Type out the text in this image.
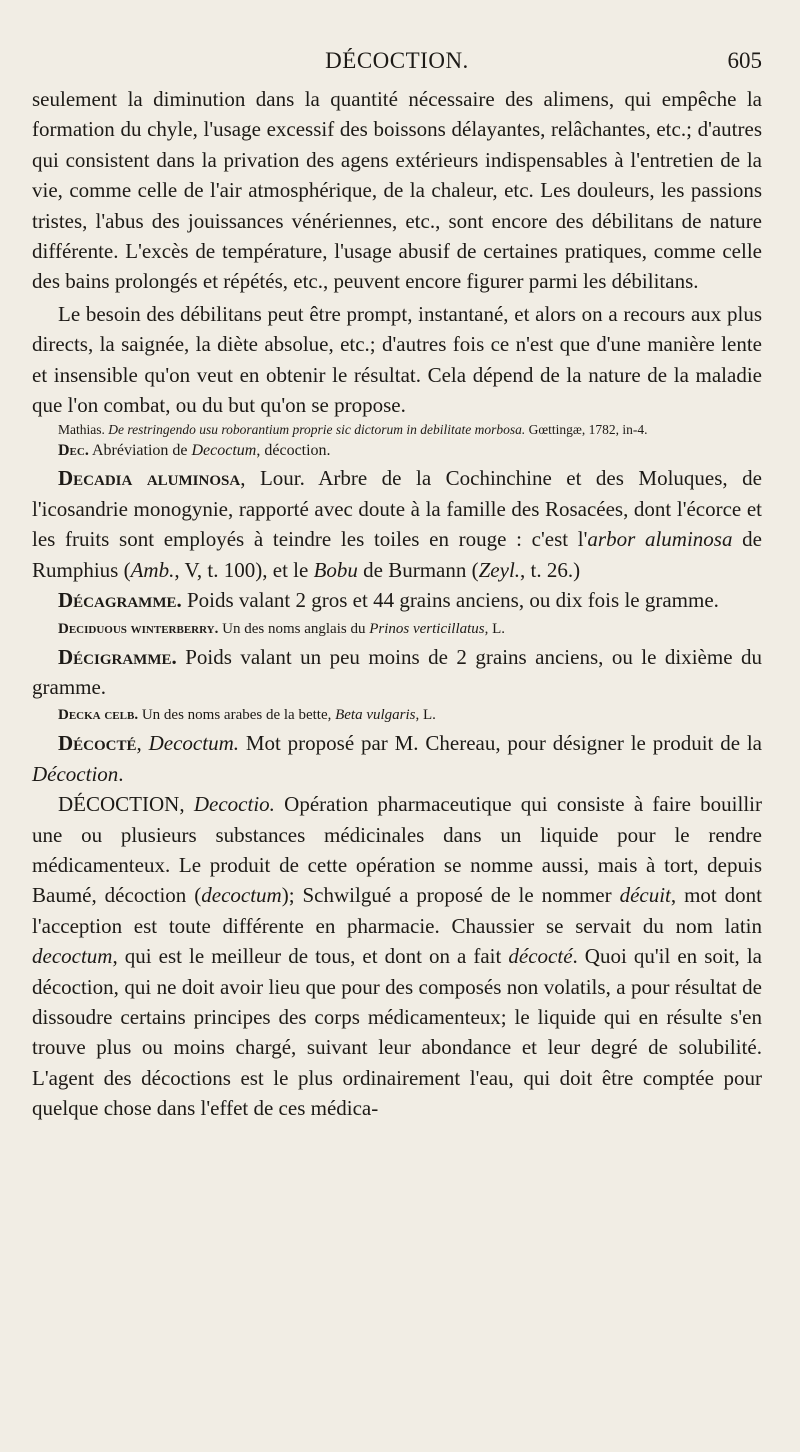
DÉCOCTION.	605

seulement la diminution dans la quantité nécessaire des alimens, qui empêche la formation du chyle, l'usage excessif des boissons délayantes, relâchantes, etc.; d'autres qui consistent dans la privation des agens extérieurs indispensables à l'entretien de la vie, comme celle de l'air atmosphérique, de la chaleur, etc. Les douleurs, les passions tristes, l'abus des jouissances vénériennes, etc., sont encore des débilitans de nature différente. L'excès de température, l'usage abusif de certaines pratiques, comme celle des bains prolongés et répétés, etc., peuvent encore figurer parmi les débilitans.

Le besoin des débilitans peut être prompt, instantané, et alors on a recours aux plus directs, la saignée, la diète absolue, etc.; d'autres fois ce n'est que d'une manière lente et insensible qu'on veut en obtenir le résultat. Cela dépend de la nature de la maladie que l'on combat, ou du but qu'on se propose.

Mathias. De restringendo usu roborantium proprie sic dictorum in debilitate morbosa. Gœttingæ, 1782, in-4.

Dec. Abréviation de Decoctum, décoction.

Decadia aluminosa, Lour. Arbre de la Cochinchine et des Moluques, de l'icosandrie monogynie, rapporté avec doute à la famille des Rosacées, dont l'écorce et les fruits sont employés à teindre les toiles en rouge : c'est l'arbor aluminosa de Rumphius (Amb., V, t. 100), et le Bobu de Burmann (Zeyl., t. 26.)

Décagramme. Poids valant 2 gros et 44 grains anciens, ou dix fois le gramme.

Deciduous winterberry. Un des noms anglais du Prinos verticillatus, L.

Décigramme. Poids valant un peu moins de 2 grains anciens, ou le dixième du gramme.

Decka celb. Un des noms arabes de la bette, Beta vulgaris, L.

Décocté, Decoctum. Mot proposé par M. Chereau, pour désigner le produit de la Décoction.

DÉCOCTION, Decoctio. Opération pharmaceutique qui consiste à faire bouillir une ou plusieurs substances médicinales dans un liquide pour le rendre médicamenteux. Le produit de cette opération se nomme aussi, mais à tort, depuis Baumé, décoction (decoctum); Schwilgué a proposé de le nommer décuit, mot dont l'acception est toute différente en pharmacie. Chaussier se servait du nom latin decoctum, qui est le meilleur de tous, et dont on a fait décocté. Quoi qu'il en soit, la décoction, qui ne doit avoir lieu que pour des composés non volatils, a pour résultat de dissoudre certains principes des corps médicamenteux; le liquide qui en résulte s'en trouve plus ou moins chargé, suivant leur abondance et leur degré de solubilité. L'agent des décoctions est le plus ordinairement l'eau, qui doit être comptée pour quelque chose dans l'effet de ces médica-
